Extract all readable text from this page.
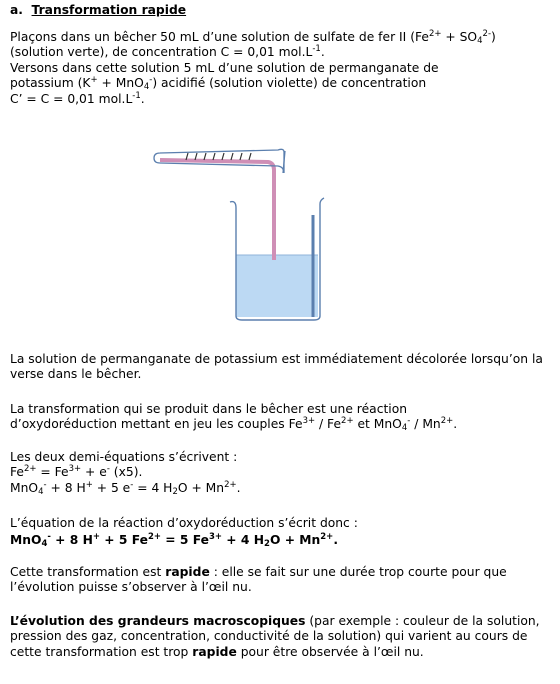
a. Transformation rapide

Plaçons dans un bêcher 50 mL d’une solution de sulfate de fer II $(Fe^{2+} + SO_4^{2-})$

(solution verte), de concentration C = 0,01 $mol.L^{-1}$.

Versons dans cette solution 5 mL d’une solution de permanganate de

potassium (K+ + MnO$_4$-) acidifié (solution violette) de concentration

C’ = C = 0,01 $mol.L^{-1}$.

La solution de permanganate de potassium est immédiatement décolorée lorsqu’on la verse dans le bêcher.

La transformation qui se produit dans le bêcher est une réaction

d’oxydoréduction mettant en jeu les couples $Fe^{3+} / Fe^{2+}$ et $MnO_4^- / Mn^{2+}$.

Les deux demi-équations s’écrivent :

$Fe^{2+} = Fe^{3+} + e^-$ (x5).

MnO$_4$- + 8 H+ + 5 e- = 4 $H_2O + Mn^{2+}$.

L’équation de la réaction d’oxydoréduction s’écrit donc :

MnO$_4$- + 8 H+ + 5 $Fe^{2+} = 5$ $Fe^{3+} + 4$ $H_2O + Mn^{2+}$.

Cette transformation est rapide : elle se fait sur une durée trop courte pour que l’évolution puisse s’observer à l’œil nu.

L’évolution des grandeurs macroscopiques (par exemple : couleur de la solution, pression des gaz, concentration, conductivité de la solution) qui varient au cours de cette transformation est trop rapide pour être observée à l’œil nu.
